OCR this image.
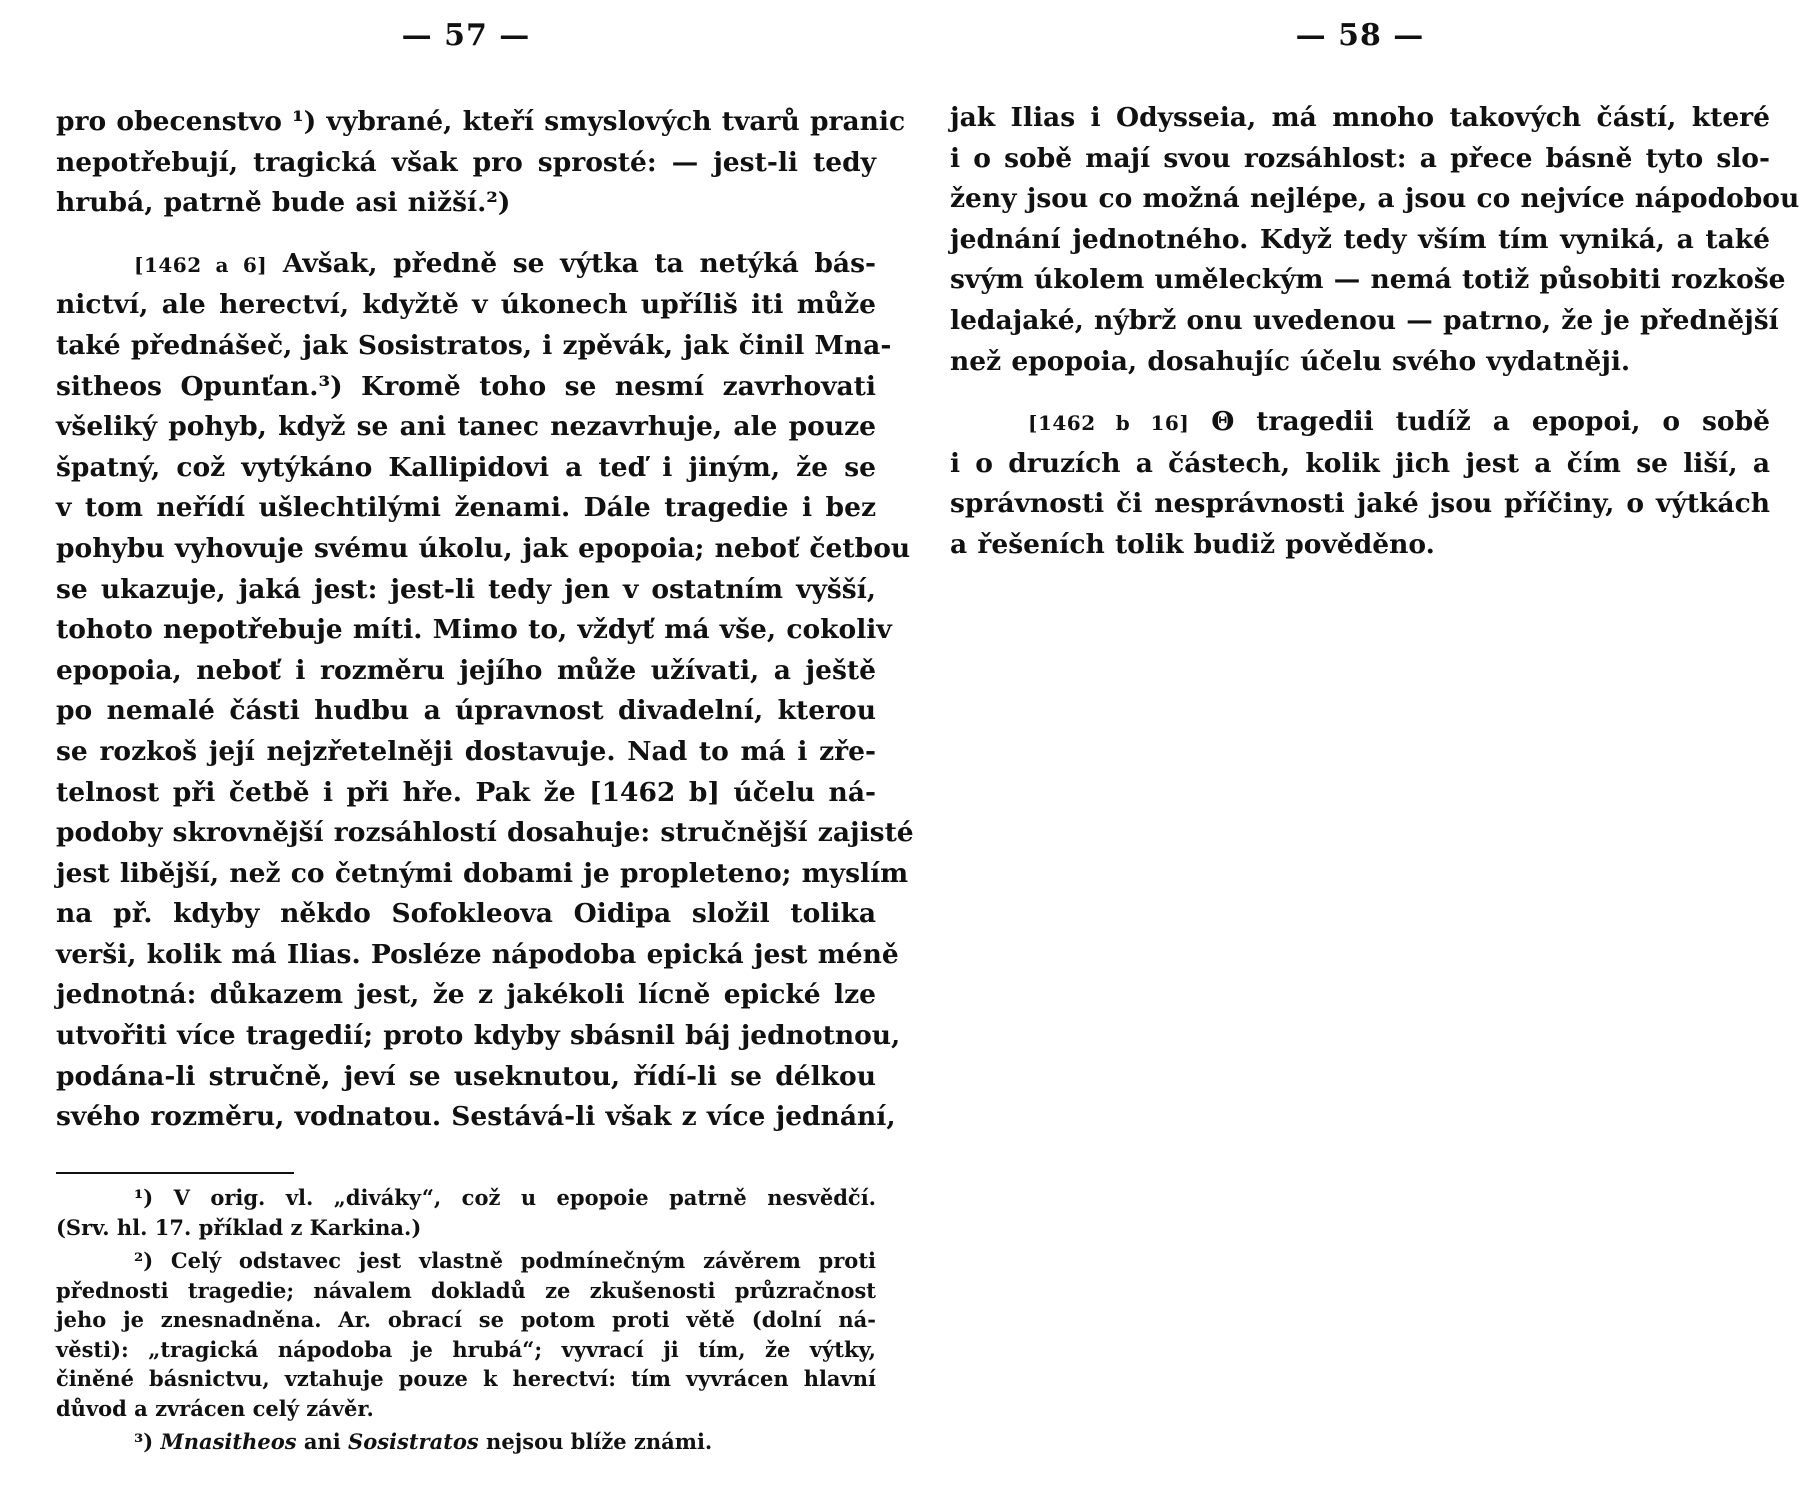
— 57 —
pro obecenstvo ¹) vybrané, kteří smyslových tvarů pranic
nepotřebují, tragická však pro sprosté: — jest-li tedy
hrubá, patrně bude asi nižší.²)
[1462 a 6] Avšak, předně se výtka ta netýká bás-
nictví, ale herectví, kdyžtě v úkonech upříliš iti může
také přednášeč, jak Sosistratos, i zpěvák, jak činil Mna-
sitheos Opunťan.³) Kromě toho se nesmí zavrhovati
všeliký pohyb, když se ani tanec nezavrhuje, ale pouze
špatný, což vytýkáno Kallipidovi a teď i jiným, že se
v tom neřídí ušlechtilými ženami. Dále tragedie i bez
pohybu vyhovuje svému úkolu, jak epopoia; neboť četbou
se ukazuje, jaká jest: jest-li tedy jen v ostatním vyšší,
tohoto nepotřebuje míti. Mimo to, vždyť má vše, cokoliv
epopoia, neboť i rozměru jejího může užívati, a ještě
po nemalé části hudbu a úpravnost divadelní, kterou
se rozkoš její nejzřetelněji dostavuje. Nad to má i zře-
telnost při četbě i při hře. Pak že [1462 b] účelu ná-
podoby skrovnější rozsáhlostí dosahuje: stručnější zajisté
jest libější, než co četnými dobami je propleteno; myslím
na př. kdyby někdo Sofokleova Oidipa složil tolika
verši, kolik má Ilias. Posléze nápodoba epická jest méně
jednotná: důkazem jest, že z jakékoli lícně epické lze
utvořiti více tragedií; proto kdyby sbásnil báj jednotnou,
podána-li stručně, jeví se useknutou, řídí-li se délkou
svého rozměru, vodnatou. Sestává-li však z více jednání,
¹) V orig. vl. „diváky“, což u epopoie patrně nesvědčí.
(Srv. hl. 17. příklad z Karkina.)
²) Celý odstavec jest vlastně podmínečným závěrem proti
přednosti tragedie; návalem dokladů ze zkušenosti průzračnost
jeho je znesnadněna. Ar. obrací se potom proti větě (dolní ná-
věsti): „tragická nápodoba je hrubá“; vyvrací ji tím, že výtky,
činěné básnictvu, vztahuje pouze k herectví: tím vyvrácen hlavní
důvod a zvrácen celý závěr.
³) Mnasitheos ani Sosistratos nejsou blíže známi.
— 58 —
jak Ilias i Odysseia, má mnoho takových částí, které
i o sobě mají svou rozsáhlost: a přece básně tyto slo-
ženy jsou co možná nejlépe, a jsou co nejvíce nápodobou
jednání jednotného. Když tedy vším tím vyniká, a také
svým úkolem uměleckým — nemá totiž působiti rozkoše
ledajaké, nýbrž onu uvedenou — patrno, že je přednější
než epopoia, dosahujíc účelu svého vydatněji.
[1462 b 16] Θ tragedii tudíž a epopoi, o sobě
i o druzích a částech, kolik jich jest a čím se liší, a
správnosti či nesprávnosti jaké jsou příčiny, o výtkách
a řešeních tolik budiž pověděno.
